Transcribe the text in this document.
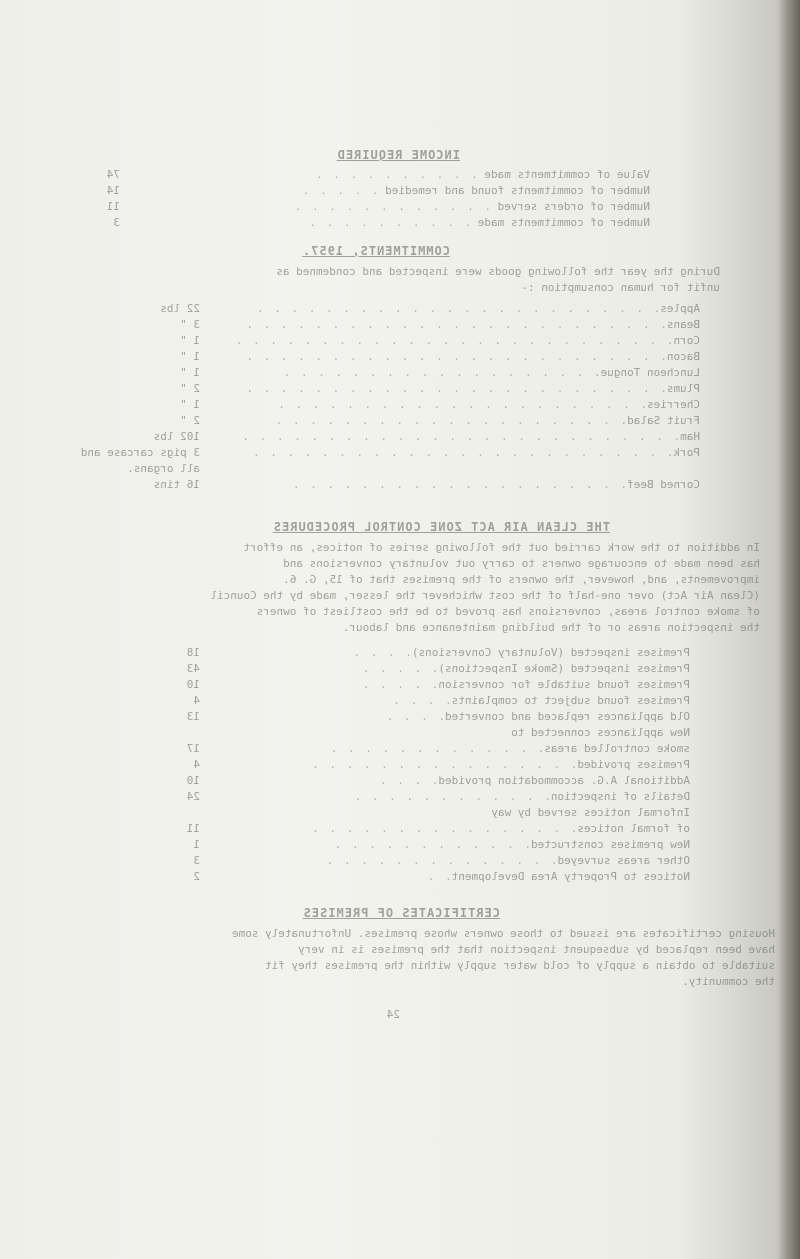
INCOME REQUIRED
Value of commitments made . . . . . . . . . .
74
Number of commitments found and remedied . . . . .
14
Number of orders served . . . . . . . . . . . .
11
Number of commitments made . . . . . . . . . .
3
COMMITMENTS, 1957.
During the year the following goods were inspected and condemned as
unfit for human consumption :-
Apples. . . . . . . . . . . . . . . . . . . . . . . .
22 lbs
Beans. . . . . . . . . . . . . . . . . . . . . . . . .
3 "
Corn. . . . . . . . . . . . . . . . . . . . . . . . . .
1 "
Bacon. . . . . . . . . . . . . . . . . . . . . . . . .
1 "
Luncheon Tongue. . . . . . . . . . . . . . . . . . .
1 "
Plums. . . . . . . . . . . . . . . . . . . . . . . . .
2 "
Cherries. . . . . . . . . . . . . . . . . . . . . .
1 "
Fruit Salad. . . . . . . . . . . . . . . . . . . . .
2 "
Ham. . . . . . . . . . . . . . . . . . . . . . . . . .
102 lbs
Pork. . . . . . . . . . . . . . . . . . . . . . . . .
3 pigs carcase and
all organs.
Corned Beef. . . . . . . . . . . . . . . . . . . .
16 tins
THE CLEAN AIR ACT ZONE CONTROL PROCEDURES
In addition to the work carried out the following series of notices, an effort
has been made to encourage owners to carry out voluntary conversions and
improvements, and, however, the owners of the premises that of 15, G. 6.
(Clean Air Act) over one-half of the cost whichever the lesser, made by the Council
of smoke control areas, conversions has proved to be the costliest of owners
the inspection areas or of the building maintenance and labour.
Premises inspected (Voluntary Conversions). . . .
18
Premises inspected (Smoke Inspections). . . . .
43
Premises found suitable for conversion. . . . .
10
Premises found subject to complaints. . . .
4
Old appliances replaced and converted. . . .
13
New appliances connected to
smoke controlled areas. . . . . . . . . . . . .
17
Premises provided. . . . . . . . . . . . . . . .
4
Additional A.G. accommodation provided. . . .
10
Details of inspection. . . . . . . . . . . .
24
Informal notices served by way
of formal notices. . . . . . . . . . . . . . . .
11
New premises constructed. . . . . . . . . . . .
1
Other areas surveyed. . . . . . . . . . . . . .
3
Notices to Property Area Development. .
2
CERTIFICATES OF PREMISES
Housing certificates are issued to those owners whose premises. Unfortunately some
have been replaced by subsequent inspection that the premises is in very
suitable to obtain a supply of cold water supply within the premises they fit
the community.
24
